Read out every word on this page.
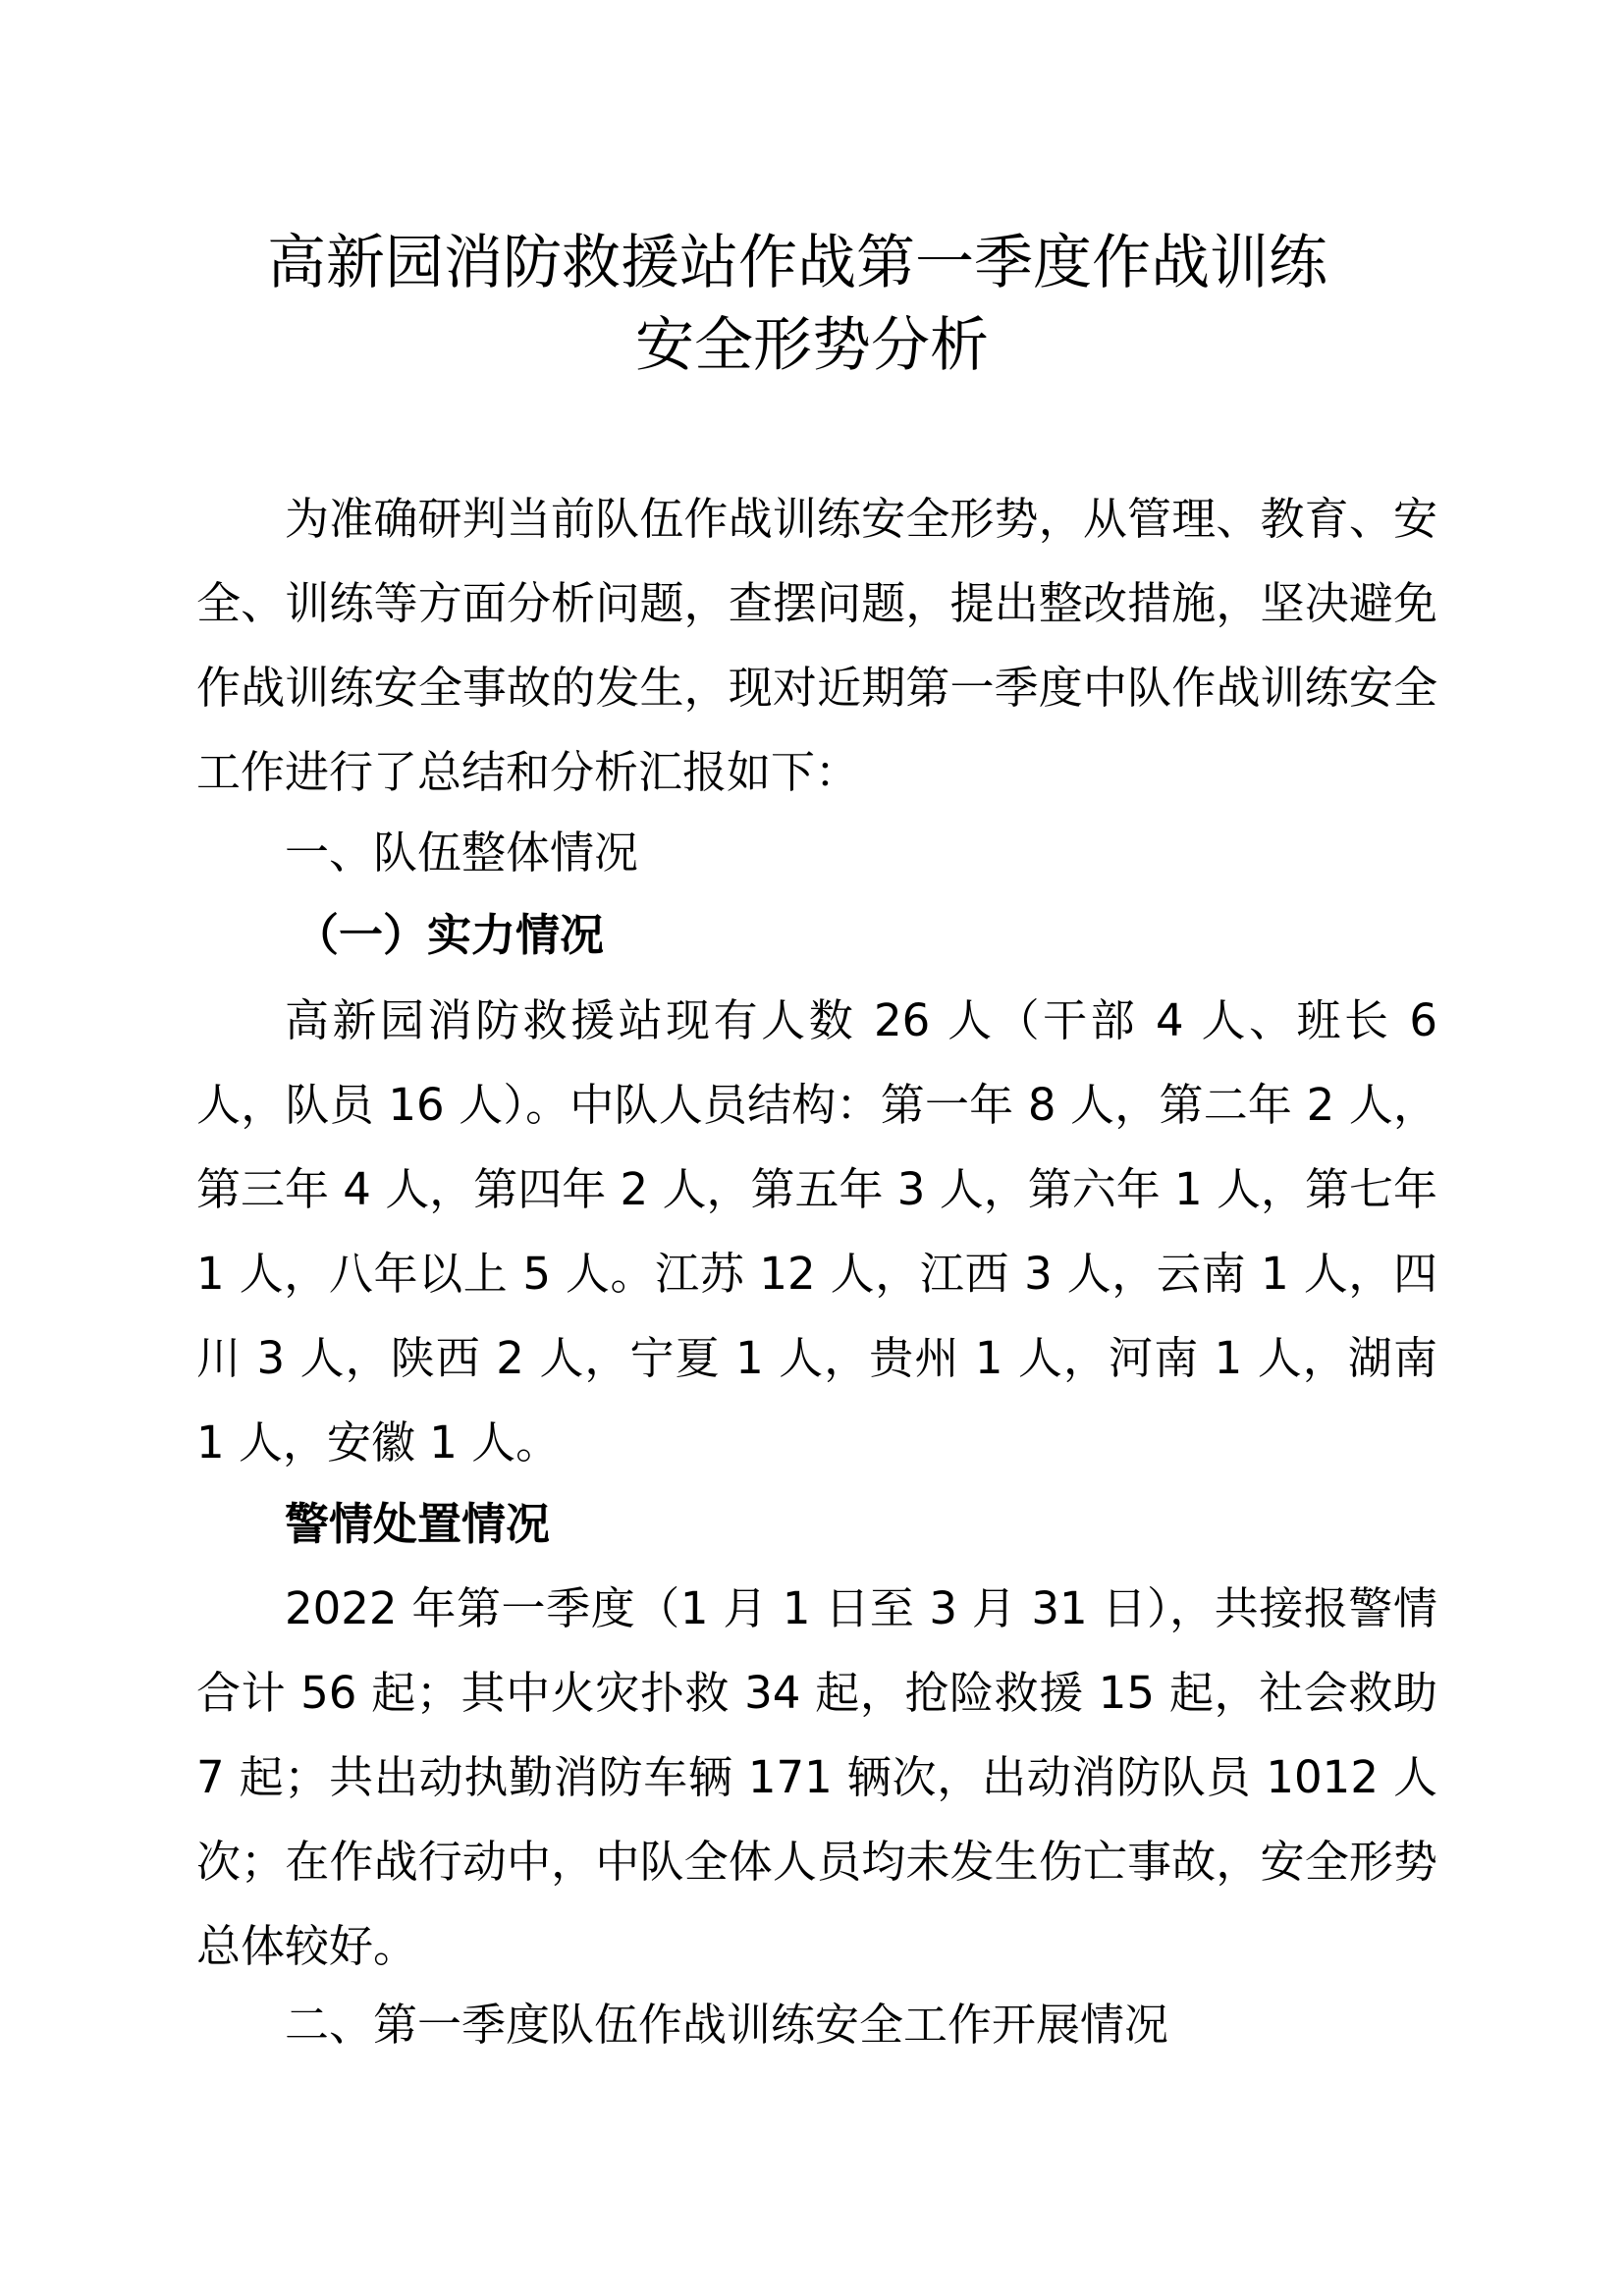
高新园消防救援站作战第一季度作战训练
安全形势分析

为准确研判当前队伍作战训练安全形势，从管理、教育、安全、训练等方面分析问题，查摆问题，提出整改措施，坚决避免作战训练安全事故的发生，现对近期第一季度中队作战训练安全工作进行了总结和分析汇报如下：

一、队伍整体情况

（一）实力情况

高新园消防救援站现有人数 26 人（干部 4 人、班长 6 人，队员 16 人）。中队人员结构：第一年 8 人，第二年 2 人，第三年 4 人，第四年 2 人，第五年 3 人，第六年 1 人，第七年 1 人，八年以上 5 人。江苏 12 人，江西 3 人，云南 1 人，四川 3 人，陕西 2 人，宁夏 1 人，贵州 1 人，河南 1 人，湖南 1 人，安徽 1 人。

警情处置情况

2022 年第一季度（1 月 1 日至 3 月 31 日），共接报警情合计 56 起；其中火灾扑救 34 起，抢险救援 15 起，社会救助 7 起；共出动执勤消防车辆 171 辆次，出动消防队员 1012 人次；在作战行动中，中队全体人员均未发生伤亡事故，安全形势总体较好。

二、第一季度队伍作战训练安全工作开展情况
